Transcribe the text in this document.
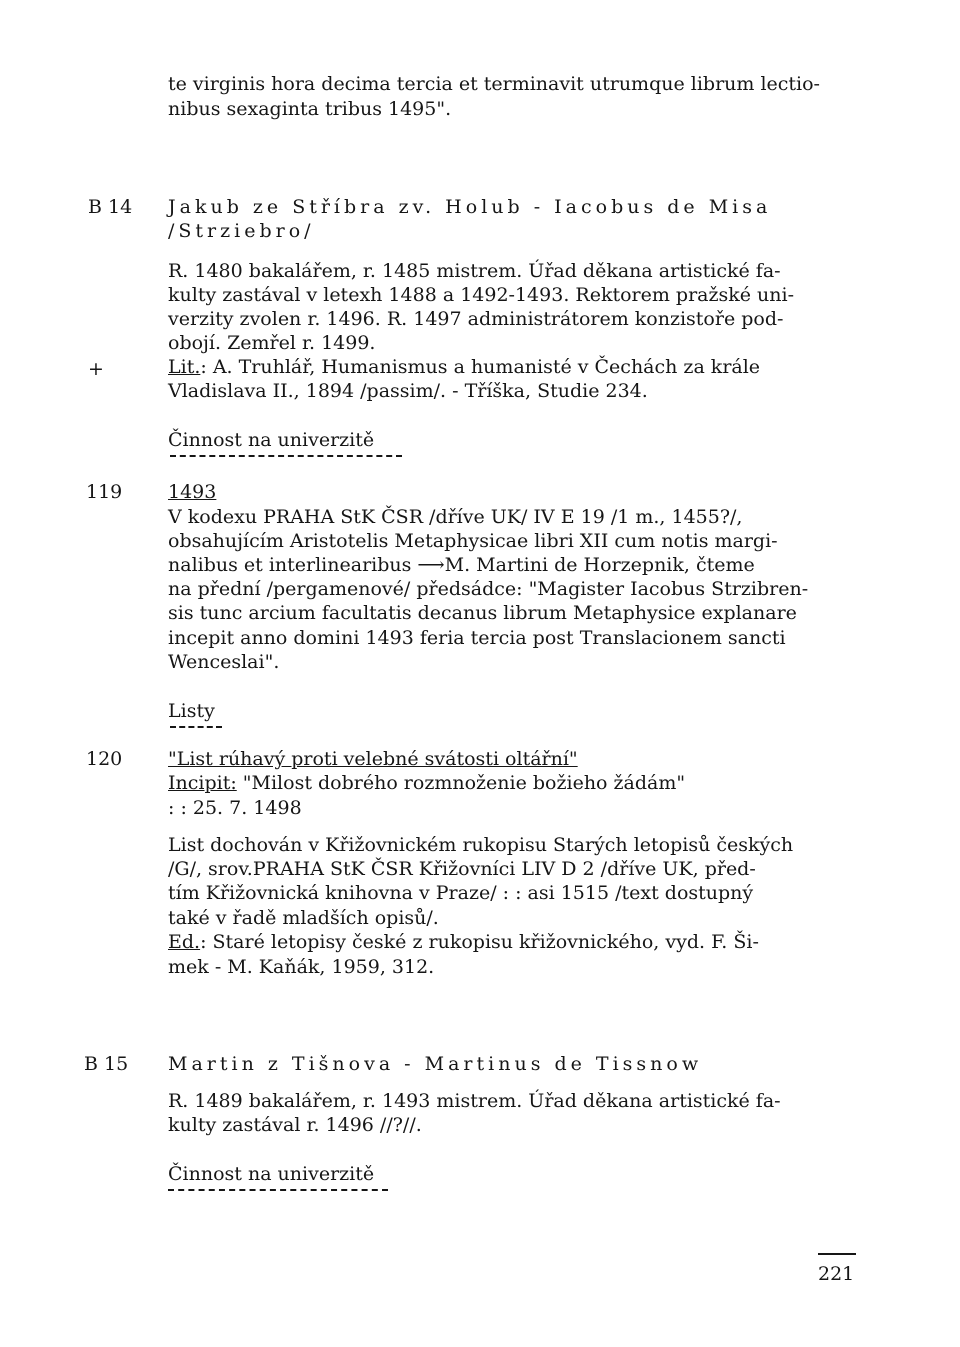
te virginis hora decima tercia et terminavit utrumque librum lectio-
nibus sexaginta tribus 1495".
B 14 Jakub ze Stříbra zv. Holub - Iacobus de Misa
/Strziebro/
R. 1480 bakalářem, r. 1485 mistrem. Úřad děkana artistické fa-
kulty zastával v letexh 1488 a 1492-1493. Rektorem pražské uni-
verzity zvolen r. 1496. R. 1497 administrátorem konzistoře pod-
obojí. Zemřel r. 1499.
+	Lit.: A. Truhlář, Humanismus a humanisté v Čechách za krále
Vladislava II., 1894 /passim/. - Tříška, Studie 234.
Činnost na univerzitě
119 1493
V kodexu PRAHA StK ČSR /dříve UK/ IV E 19 /1 m., 1455?/,
obsahujícím Aristotelis Metaphysicae libri XII cum notis margi-
nalibus et interlinearibus ⟶M. Martini de Horzepnik, čteme
na přední /pergamenové/ předsádce: "Magister Iacobus Strzibren-
sis tunc arcium facultatis decanus librum Metaphysice explanare
incepit anno domini 1493 feria tercia post Translacionem sancti
Wenceslai".
Listy
120 "List rúhavý proti velebné svátosti oltářní"
Incipit: "Milost dobrého rozmnoženie božieho žádám"
: : 25. 7. 1498
List dochován v Křižovnickém rukopisu Starých letopisů českých
/G/, srov.PRAHA StK ČSR Křižovníci LIV D 2 /dříve UK, před-
tím Křižovnická knihovna v Praze/ : : asi 1515 /text dostupný
také v řadě mladších opisů/.
Ed.: Staré letopisy české z rukopisu křižovnického, vyd. F. Ši-
mek - M. Kaňák, 1959, 312.
B 15 Martin z Tišnova - Martinus de Tissnow
R. 1489 bakalářem, r. 1493 mistrem. Úřad děkana artistické fa-
kulty zastával r. 1496 //?//.
Činnost na univerzitě
221
